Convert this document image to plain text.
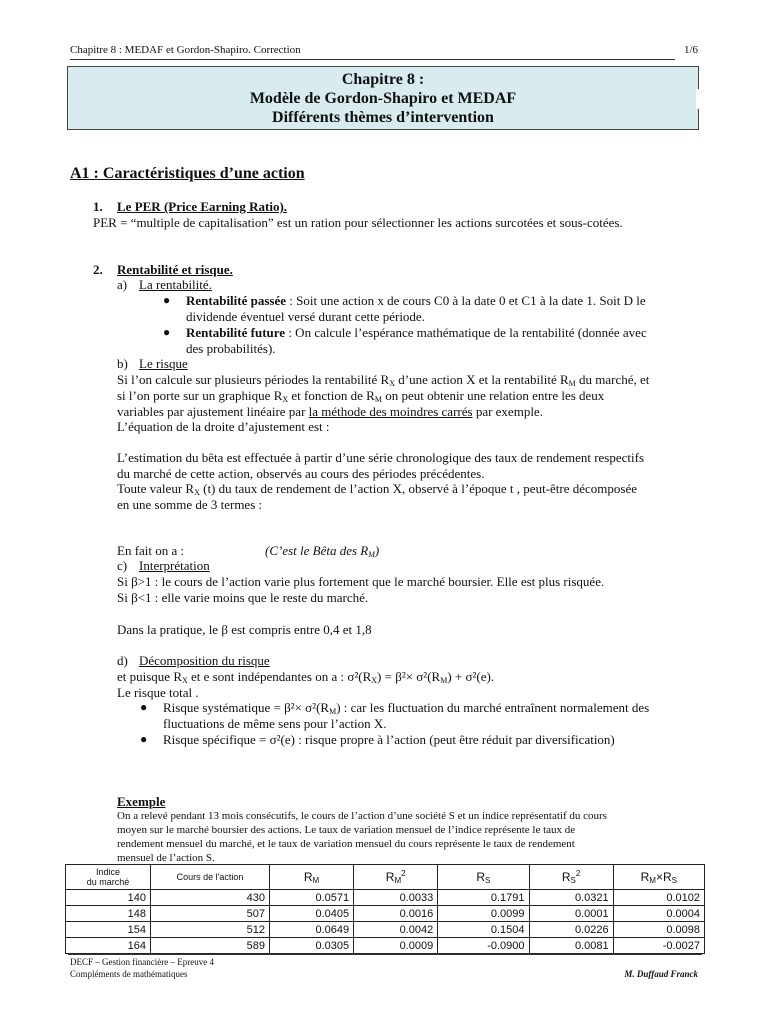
Chapitre 8 : MEDAF et Gordon-Shapiro. Correction	1/6
Chapitre 8 :
Modèle de Gordon-Shapiro et MEDAF
Différents thèmes d’intervention
A1 : Caractéristiques d’une action
1. Le PER (Price Earning Ratio).
PER = “multiple de capitalisation” est un ration pour sélectionner les actions surcotées et sous-cotées.
2. Rentabilité et risque.
a) La rentabilité.
● Rentabilité passée : Soit une action x de cours C0 à la date 0 et C1 à la date 1. Soit D le
dividende éventuel versé durant cette période.
● Rentabilité future : On calcule l’espérance mathématique de la rentabilité (donnée avec
des probabilités).
b) Le risque
Si l’on calcule sur plusieurs périodes la rentabilité $R_X$ d’une action X et la rentabilité $R_M$ du marché, et
si l’on porte sur un graphique $R_X$ et fonction de $R_M$ on peut obtenir une relation entre les deux
variables par ajustement linéaire par la méthode des moindres carrés par exemple.
L’équation de la droite d’ajustement est :
L’estimation du bêta est effectuée à partir d’une série chronologique des taux de rendement respectifs
du marché de cette action, observés au cours des périodes précédentes.
Toute valeur $R_X$ (t) du taux de rendement de l’action X, observé à l’époque t , peut-être décomposée
en une somme de 3 termes :
En fait on a :	(C’est le Bêta des $R_M$)
c) Interprétation
Si β>1 : le cours de l’action varie plus fortement que le marché boursier. Elle est plus risquée.
Si β<1 : elle varie moins que le reste du marché.
Dans la pratique, le β est compris entre 0,4 et 1,8
d) Décomposition du risque
et puisque $R_X$ et e sont indépendantes on a : $\sigma^2(R_X) = \beta^2\times \sigma^2(R_M) + \sigma^2(e)$.
Le risque total .
● Risque systématique = $\beta^2\times \sigma^2(R_M)$ : car les fluctuation du marché entraînent normalement des
fluctuations de même sens pour l’action X.
● Risque spécifique = σ²(e) : risque propre à l’action (peut être réduit par diversification)
Exemple
On a relevé pendant 13 mois consécutifs, le cours de l’action d’une société S et un indice représentatif du cours
moyen sur le marché boursier des actions. Le taux de variation mensuel de l’indice représente le taux de
rendement mensuel du marché, et le taux de variation mensuel du cours représente le taux de rendement
mensuel de l’action S.
Indice
du marché	Cours de l'action	$R_M$	$R_M^2$	$R_S$	$R_S^2$	$R_M\times R_S$
140	430	0.0571	0.0033	0.1791	0.0321	0.0102
148	507	0.0405	0.0016	0.0099	0.0001	0.0004
154	512	0.0649	0.0042	0.1504	0.0226	0.0098
164	589	0.0305	0.0009	-0.0900	0.0081	-0.0027
DECF – Gestion financière – Epreuve 4
Compléments de mathématiques	M. Duffaud Franck
